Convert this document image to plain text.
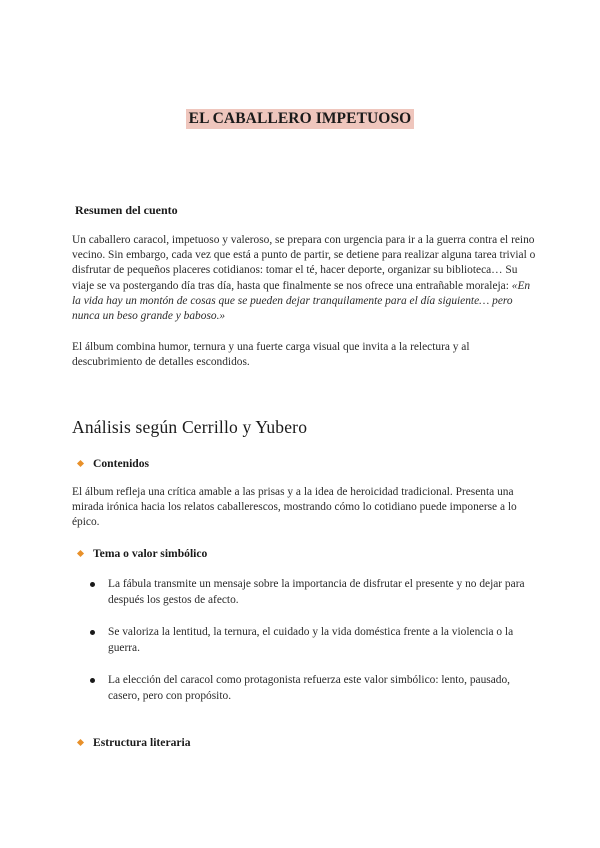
EL CABALLERO IMPETUOSO
Resumen del cuento
Un caballero caracol, impetuoso y valeroso, se prepara con urgencia para ir a la guerra contra el reino vecino. Sin embargo, cada vez que está a punto de partir, se detiene para realizar alguna tarea trivial o disfrutar de pequeños placeres cotidianos: tomar el té, hacer deporte, organizar su biblioteca… Su viaje se va postergando día tras día, hasta que finalmente se nos ofrece una entrañable moraleja: «En la vida hay un montón de cosas que se pueden dejar tranquilamente para el día siguiente… pero nunca un beso grande y baboso.»
El álbum combina humor, ternura y una fuerte carga visual que invita a la relectura y al descubrimiento de detalles escondidos.
Análisis según Cerrillo y Yubero
Contenidos
El álbum refleja una crítica amable a las prisas y a la idea de heroicidad tradicional. Presenta una mirada irónica hacia los relatos caballerescos, mostrando cómo lo cotidiano puede imponerse a lo épico.
Tema o valor simbólico
La fábula transmite un mensaje sobre la importancia de disfrutar el presente y no dejar para después los gestos de afecto.
Se valoriza la lentitud, la ternura, el cuidado y la vida doméstica frente a la violencia o la guerra.
La elección del caracol como protagonista refuerza este valor simbólico: lento, pausado, casero, pero con propósito.
Estructura literaria
